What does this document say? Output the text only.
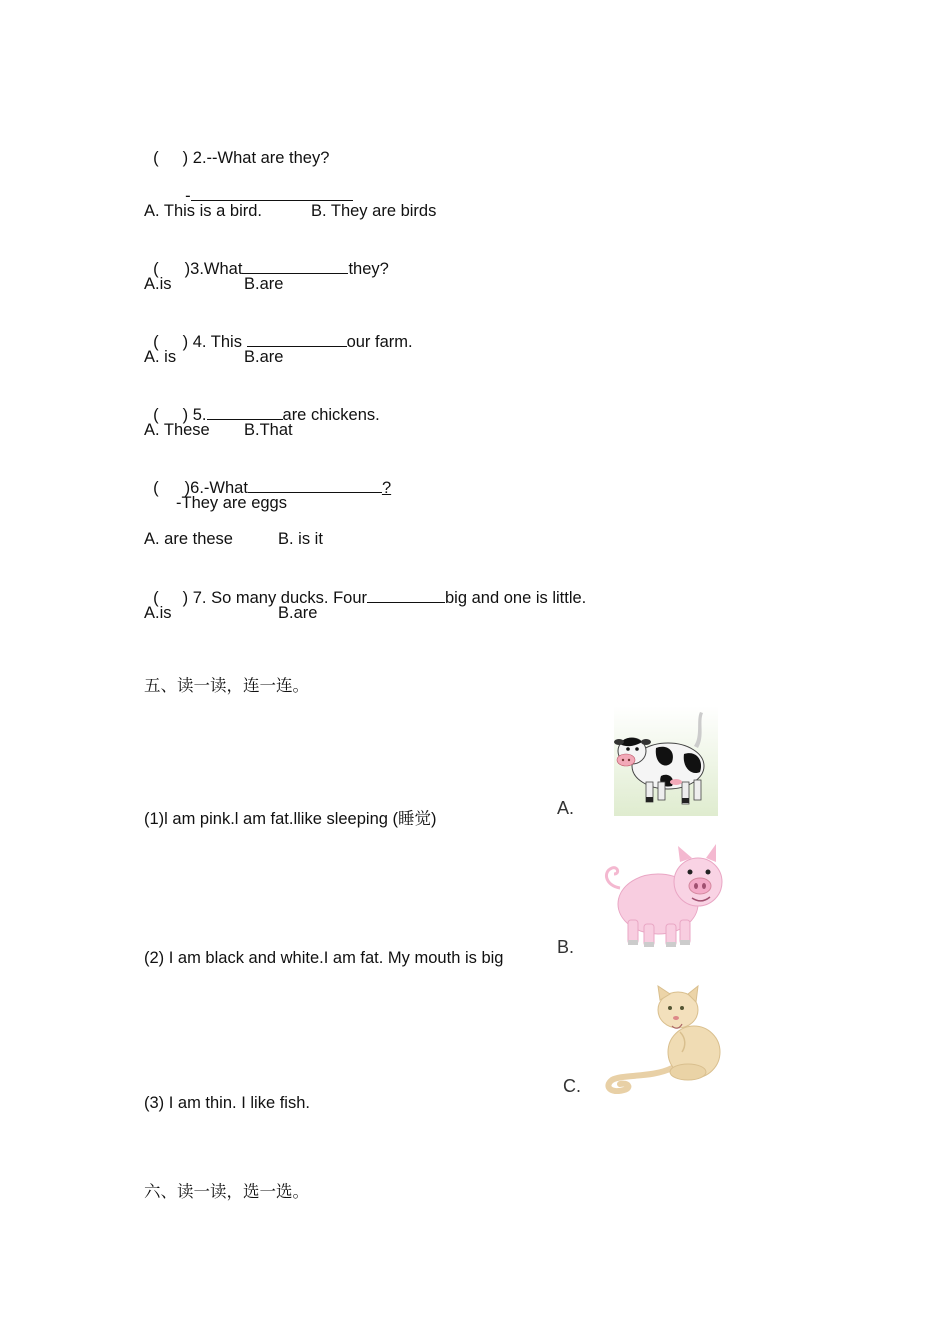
( ) 2.--What are they?

-

A. This is a bird.	B. They are birds

( )3.What	they?

A.is	B.are

( ) 4. This	our farm.

A. is	B.are

( ) 5.	are chickens.

A. These B.That

( )6.-What	?

-They are eggs
A. are these	B. is it

( ) 7. So many ducks. Four	big and one is little.

A.is	B.are
五、读一读，连一连。
(1)l am pink.l am fat.llike sleeping (睡觉)
(2) I am black and white.I am fat. My mouth is big
(3) I am thin. I like fish.
A.
B.
C.
六、读一读，选一选。
